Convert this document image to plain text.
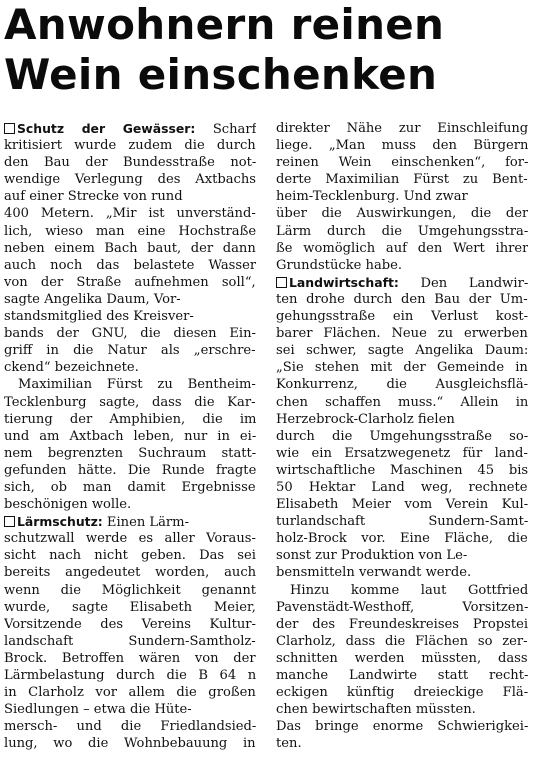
Anwohnern reinen
Wein einschenken
Schutz der Gewässer: Scharf
kritisiert wurde zudem die durch
den Bau der Bundesstraße not-
wendige Verlegung des Axtbachs
auf einer Strecke von rund
400 Metern. „Mir ist unverständ-
lich, wieso man eine Hochstraße
neben einem Bach baut, der dann
auch noch das belastete Wasser
von der Straße aufnehmen soll“,
sagte Angelika Daum, Vor-
standsmitglied des Kreisver-
bands der GNU, die diesen Ein-
griff in die Natur als „erschre-
ckend“ bezeichnete.
Maximilian Fürst zu Bentheim-
Tecklenburg sagte, dass die Kar-
tierung der Amphibien, die im
und am Axtbach leben, nur in ei-
nem begrenzten Suchraum statt-
gefunden hätte. Die Runde fragte
sich, ob man damit Ergebnisse
beschönigen wolle.
Lärmschutz: Einen Lärm-
schutzwall werde es aller Voraus-
sicht nach nicht geben. Das sei
bereits angedeutet worden, auch
wenn die Möglichkeit genannt
wurde, sagte Elisabeth Meier,
Vorsitzende des Vereins Kultur-
landschaft Sundern-Samtholz-
Brock. Betroffen wären von der
Lärmbelastung durch die B 64 n
in Clarholz vor allem die großen
Siedlungen – etwa die Hüte-
mersch- und die Friedlandsied-
lung, wo die Wohnbebauung in
direkter Nähe zur Einschleifung
liege. „Man muss den Bürgern
reinen Wein einschenken“, for-
derte Maximilian Fürst zu Bent-
heim-Tecklenburg. Und zwar
über die Auswirkungen, die der
Lärm durch die Umgehungsstra-
ße womöglich auf den Wert ihrer
Grundstücke habe.
Landwirtschaft: Den Landwir-
ten drohe durch den Bau der Um-
gehungsstraße ein Verlust kost-
barer Flächen. Neue zu erwerben
sei schwer, sagte Angelika Daum:
„Sie stehen mit der Gemeinde in
Konkurrenz, die Ausgleichsflä-
chen schaffen muss.“ Allein in
Herzebrock-Clarholz fielen
durch die Umgehungsstraße so-
wie ein Ersatzwegenetz für land-
wirtschaftliche Maschinen 45 bis
50 Hektar Land weg, rechnete
Elisabeth Meier vom Verein Kul-
turlandschaft Sundern-Samt-
holz-Brock vor. Eine Fläche, die
sonst zur Produktion von Le-
bensmitteln verwandt werde.
Hinzu komme laut Gottfried
Pavenstädt-Westhoff, Vorsitzen-
der des Freundeskreises Propstei
Clarholz, dass die Flächen so zer-
schnitten werden müssten, dass
manche Landwirte statt recht-
eckigen künftig dreieckige Flä-
chen bewirtschaften müssten.
Das bringe enorme Schwierigkei-
ten.
